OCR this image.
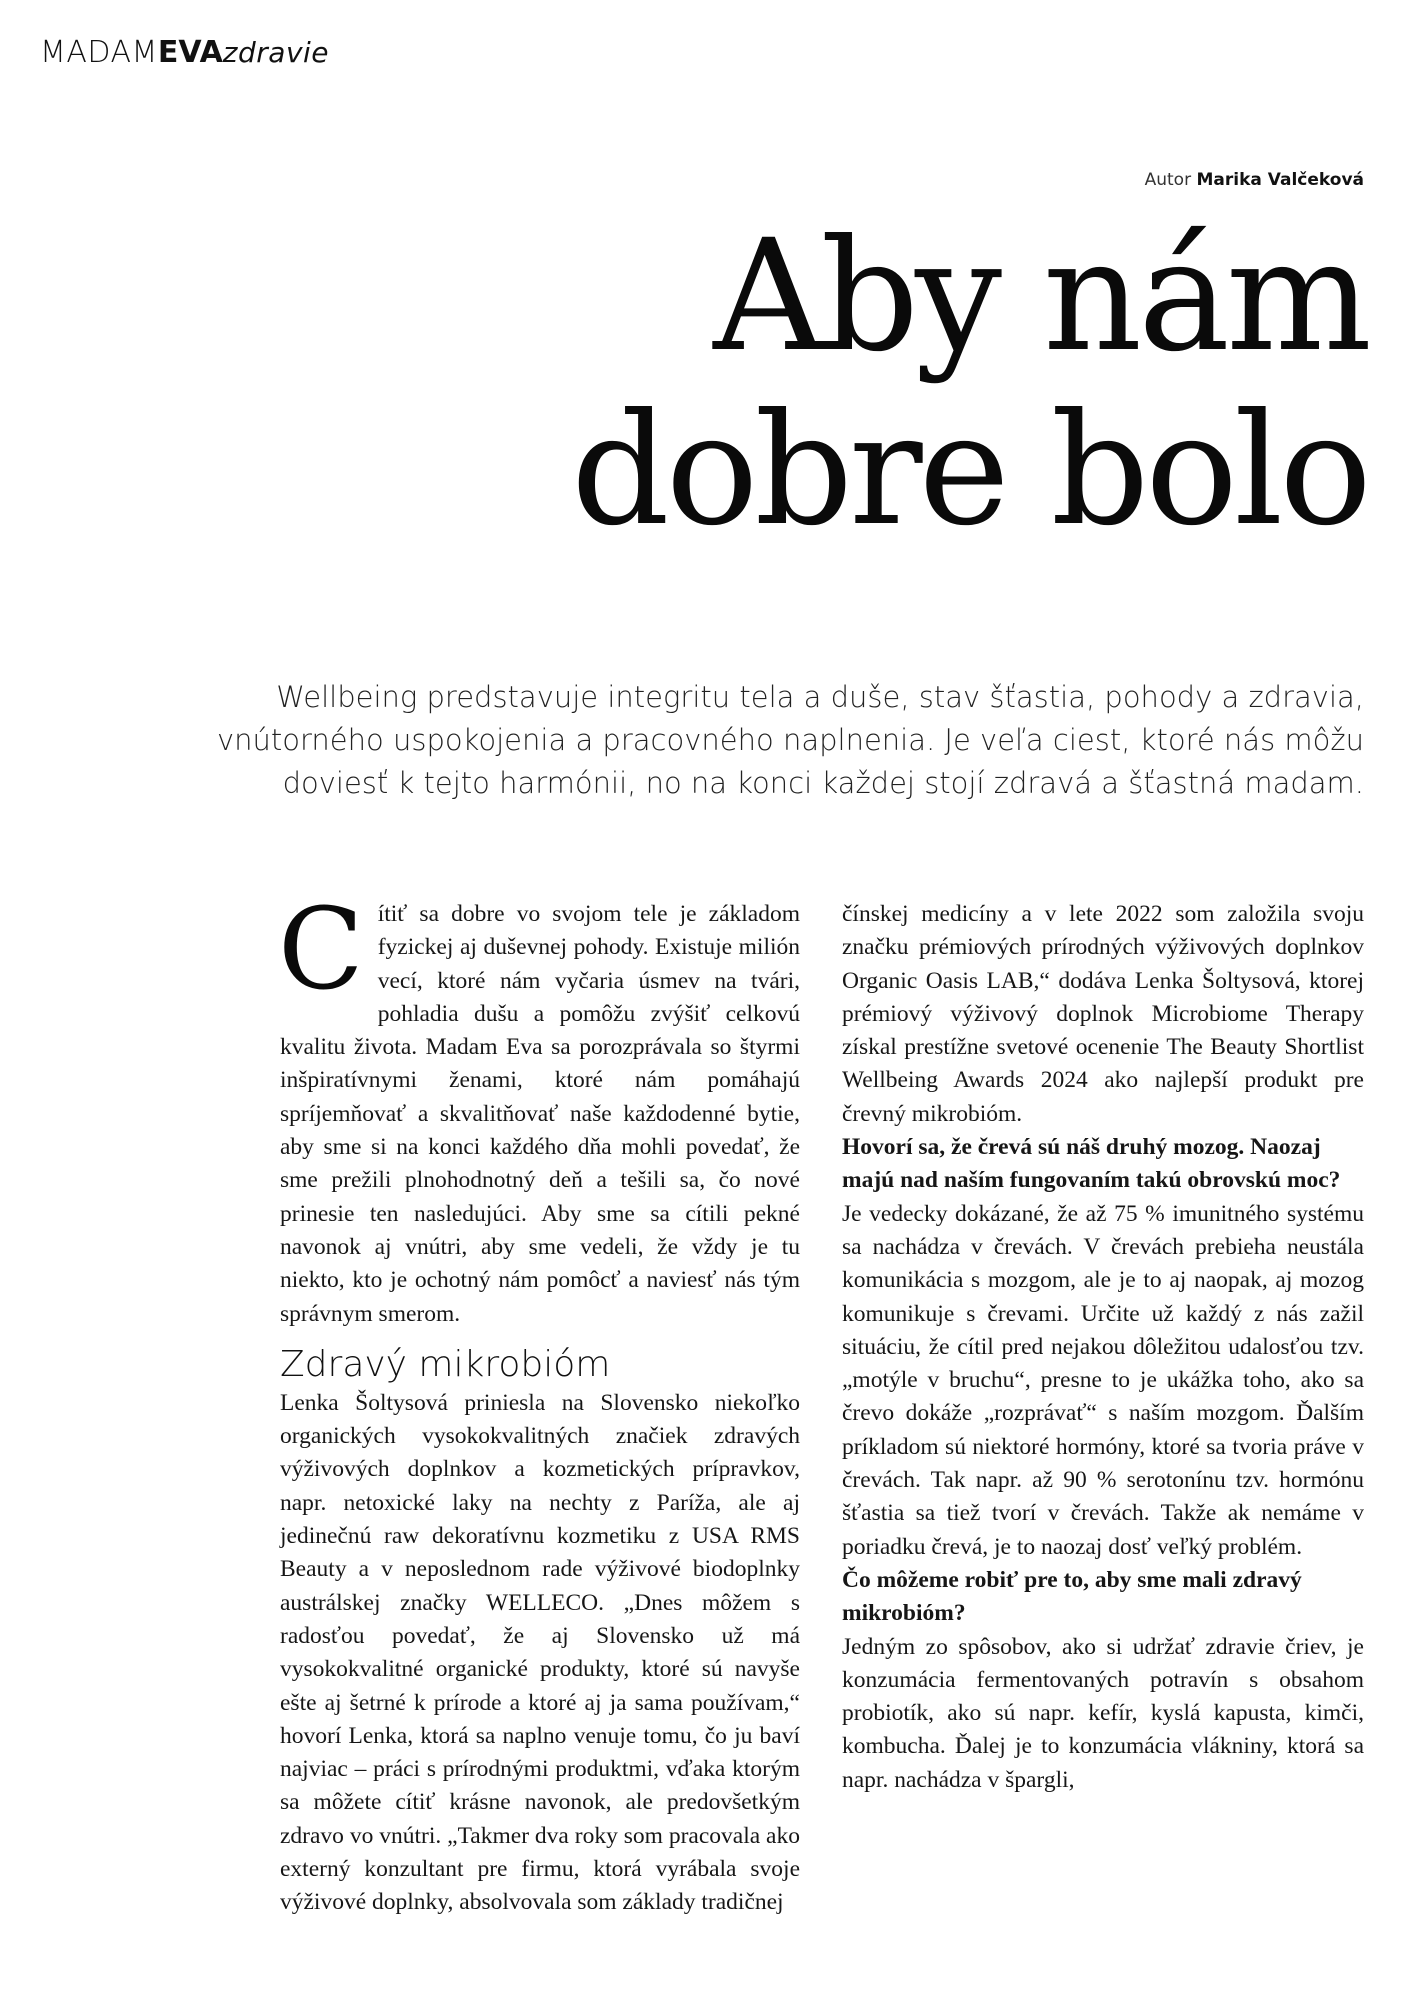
MADAMEVAzdravie
Autor Marika Valčeková
Aby nám
dobre bolo

Wellbeing predstavuje integritu tela a duše, stav šťastia, pohody a zdravia,
vnútorného uspokojenia a pracovného naplnenia. Je veľa ciest, ktoré nás môžu
doviesť k tejto harmónii, no na konci každej stojí zdravá a šťastná madam.

Cítiť sa dobre vo svojom tele je základom fyzickej aj duševnej pohody. Existuje milión vecí, ktoré nám vyčaria úsmev na tvári, pohladia dušu a pomôžu zvýšiť celkovú kvalitu života. Madam Eva sa porozprávala so štyrmi inšpiratívnymi ženami, ktoré nám pomáhajú spríjemňovať a skvalitňovať naše každodenné bytie, aby sme si na konci každého dňa mohli povedať, že sme prežili plnohodnotný deň a tešili sa, čo nové prinesie ten nasledujúci. Aby sme sa cítili pekné navonok aj vnútri, aby sme vedeli, že vždy je tu niekto, kto je ochotný nám pomôcť a naviesť nás tým správnym smerom.

Zdravý mikrobióm

Lenka Šoltysová priniesla na Slovensko niekoľko organických vysokokvalitných značiek zdravých výživových doplnkov a kozmetických prípravkov, napr. netoxické laky na nechty z Paríža, ale aj jedinečnú raw dekoratívnu kozmetiku z USA RMS Beauty a v neposlednom rade výživové biodoplnky austrálskej značky WELLECO. „Dnes môžem s radosťou povedať, že aj Slovensko už má vysokokvalitné organické produkty, ktoré sú navyše ešte aj šetrné k prírode a ktoré aj ja sama používam,“ hovorí Lenka, ktorá sa naplno venuje tomu, čo ju baví najviac – práci s prírodnými produktmi, vďaka ktorým sa môžete cítiť krásne navonok, ale predovšetkým zdravo vo vnútri. „Takmer dva roky som pracovala ako externý konzultant pre firmu, ktorá vyrábala svoje výživové doplnky, absolvovala som základy tradičnej

čínskej medicíny a v lete 2022 som založila svoju značku prémiových prírodných výživových doplnkov Organic Oasis LAB,“ dodáva Lenka Šoltysová, ktorej prémiový výživový doplnok Microbiome Therapy získal prestížne svetové ocenenie The Beauty Shortlist Wellbeing Awards 2024 ako najlepší produkt pre črevný mikrobióm.

Hovorí sa, že črevá sú náš druhý mozog. Naozaj majú nad naším fungovaním takú obrovskú moc?

Je vedecky dokázané, že až 75 % imunitného systému sa nachádza v črevách. V črevách prebieha neustála komunikácia s mozgom, ale je to aj naopak, aj mozog komunikuje s črevami. Určite už každý z nás zažil situáciu, že cítil pred nejakou dôležitou udalosťou tzv. „motýle v bruchu“, presne to je ukážka toho, ako sa črevo dokáže „rozprávať“ s naším mozgom. Ďalším príkladom sú niektoré hormóny, ktoré sa tvoria práve v črevách. Tak napr. až 90 % serotonínu tzv. hormónu šťastia sa tiež tvorí v črevách. Takže ak nemáme v poriadku črevá, je to naozaj dosť veľký problém.

Čo môžeme robiť pre to, aby sme mali zdravý mikrobióm?

Jedným zo spôsobov, ako si udržať zdravie čriev, je konzumácia fermentovaných potravín s obsahom probiotík, ako sú napr. kefír, kyslá kapusta, kimči, kombucha. Ďalej je to konzumácia vlákniny, ktorá sa napr. nachádza v špargli,
